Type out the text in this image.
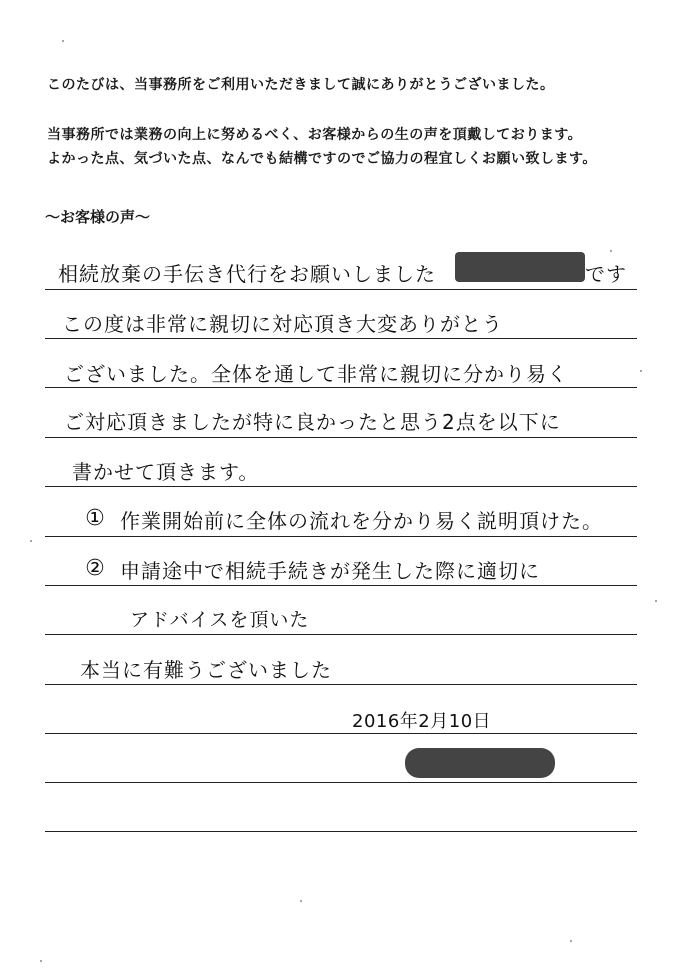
このたびは、当事務所をご利用いただきまして誠にありがとうございました。
当事務所では業務の向上に努めるべく、お客様からの生の声を頂戴しております。
よかった点、気づいた点、なんでも結構ですのでご協力の程宜しくお願い致します。
〜お客様の声〜
相続放棄の手伝き代行をお願いしました	です
この度は非常に親切に対応頂き大変ありがとう
ございました。全体を通して非常に親切に分かり易く
ご対応頂きましたが特に良かったと思う2点を以下に
書かせて頂きます。
① 作業開始前に全体の流れを分かり易く説明頂けた。
② 申請途中で相続手続きが発生した際に適切に
アドバイスを頂いた
本当に有難うございました
2016年2月10日
